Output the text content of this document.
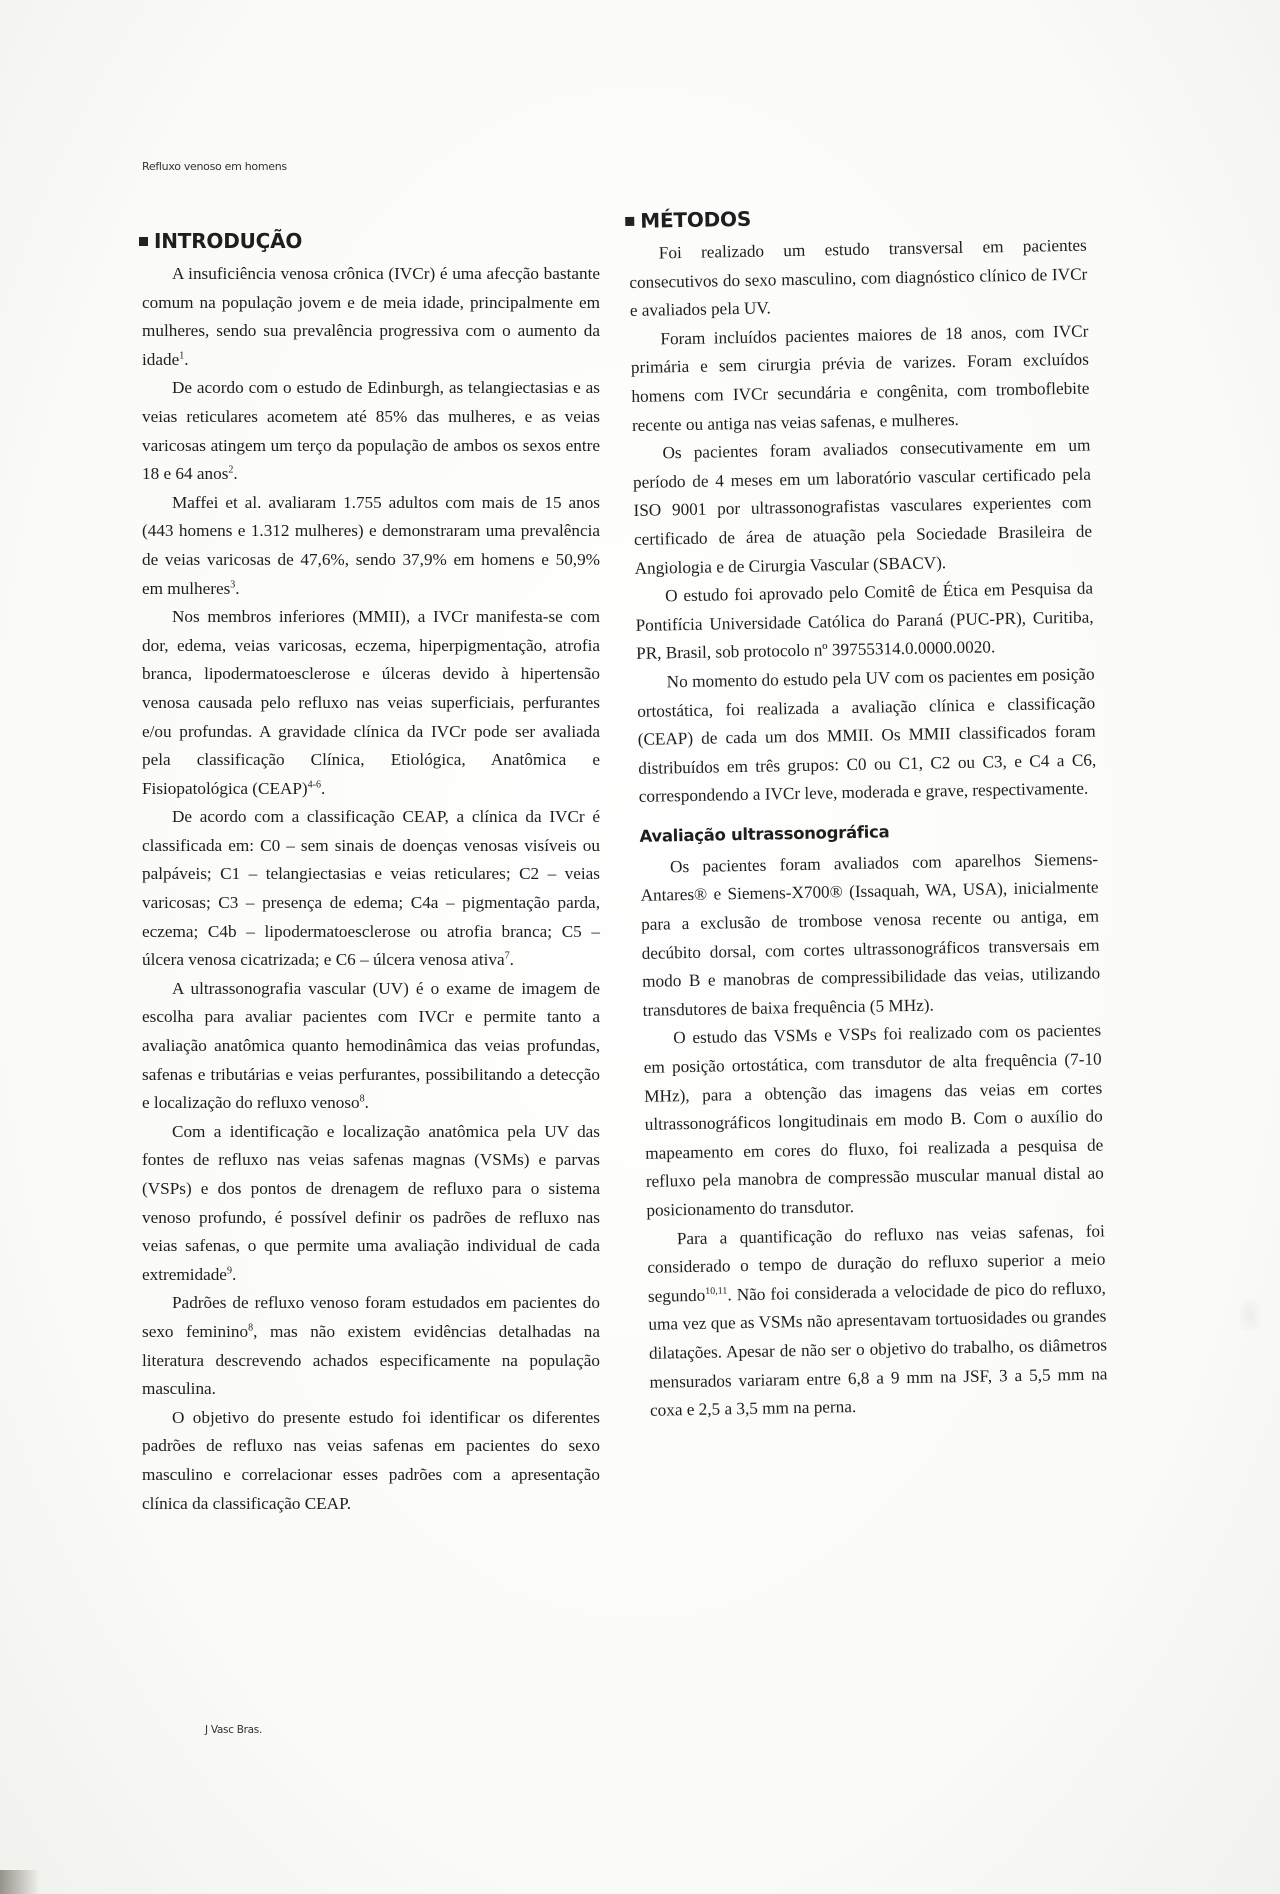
Refluxo venoso em homens
INTRODUÇÃO

A insuficiência venosa crônica (IVCr) é uma afecção bastante comum na população jovem e de meia idade, principalmente em mulheres, sendo sua prevalência progressiva com o aumento da idade$^1$.

De acordo com o estudo de Edinburgh, as telangiectasias e as veias reticulares acometem até 85% das mulheres, e as veias varicosas atingem um terço da população de ambos os sexos entre 18 e 64 anos$^2$.

Maffei et al. avaliaram 1.755 adultos com mais de 15 anos (443 homens e 1.312 mulheres) e demonstraram uma prevalência de veias varicosas de 47,6%, sendo 37,9% em homens e 50,9% em mulheres$^3$.

Nos membros inferiores (MMII), a IVCr manifesta-se com dor, edema, veias varicosas, eczema, hiperpigmentação, atrofia branca, lipodermatoesclerose e úlceras devido à hipertensão venosa causada pelo refluxo nas veias superficiais, perfurantes e/ou profundas. A gravidade clínica da IVCr pode ser avaliada pela classificação Clínica, Etiológica, Anatômica e Fisiopatológica (CEAP)$^{4-6}$.

De acordo com a classificação CEAP, a clínica da IVCr é classificada em: C0 – sem sinais de doenças venosas visíveis ou palpáveis; C1 – telangiectasias e veias reticulares; C2 – veias varicosas; C3 – presença de edema; C4a – pigmentação parda, eczema; C4b – lipodermatoesclerose ou atrofia branca; C5 – úlcera venosa cicatrizada; e C6 – úlcera venosa ativa$^7$.

A ultrassonografia vascular (UV) é o exame de imagem de escolha para avaliar pacientes com IVCr e permite tanto a avaliação anatômica quanto hemodinâmica das veias profundas, safenas e tributárias e veias perfurantes, possibilitando a detecção e localização do refluxo venoso$^8$.

Com a identificação e localização anatômica pela UV das fontes de refluxo nas veias safenas magnas (VSMs) e parvas (VSPs) e dos pontos de drenagem de refluxo para o sistema venoso profundo, é possível definir os padrões de refluxo nas veias safenas, o que permite uma avaliação individual de cada extremidade$^9$.

Padrões de refluxo venoso foram estudados em pacientes do sexo feminino$^8$, mas não existem evidências detalhadas na literatura descrevendo achados especificamente na população masculina.

O objetivo do presente estudo foi identificar os diferentes padrões de refluxo nas veias safenas em pacientes do sexo masculino e correlacionar esses padrões com a apresentação clínica da classificação CEAP.

MÉTODOS

Foi realizado um estudo transversal em pacientes consecutivos do sexo masculino, com diagnóstico clínico de IVCr e avaliados pela UV.

Foram incluídos pacientes maiores de 18 anos, com IVCr primária e sem cirurgia prévia de varizes. Foram excluídos homens com IVCr secundária e congênita, com tromboflebite recente ou antiga nas veias safenas, e mulheres.

Os pacientes foram avaliados consecutivamente em um período de 4 meses em um laboratório vascular certificado pela ISO 9001 por ultrassonografistas vasculares experientes com certificado de área de atuação pela Sociedade Brasileira de Angiologia e de Cirurgia Vascular (SBACV).

O estudo foi aprovado pelo Comitê de Ética em Pesquisa da Pontifícia Universidade Católica do Paraná (PUC-PR), Curitiba, PR, Brasil, sob protocolo nº 39755314.0.0000.0020.

No momento do estudo pela UV com os pacientes em posição ortostática, foi realizada a avaliação clínica e classificação (CEAP) de cada um dos MMII. Os MMII classificados foram distribuídos em três grupos: C0 ou C1, C2 ou C3, e C4 a C6, correspondendo a IVCr leve, moderada e grave, respectivamente.

Avaliação ultrassonográfica

Os pacientes foram avaliados com aparelhos Siemens-Antares® e Siemens-X700® (Issaquah, WA, USA), inicialmente para a exclusão de trombose venosa recente ou antiga, em decúbito dorsal, com cortes ultrassonográficos transversais em modo B e manobras de compressibilidade das veias, utilizando transdutores de baixa frequência (5 MHz).

O estudo das VSMs e VSPs foi realizado com os pacientes em posição ortostática, com transdutor de alta frequência (7-10 MHz), para a obtenção das imagens das veias em cortes ultrassonográficos longitudinais em modo B. Com o auxílio do mapeamento em cores do fluxo, foi realizada a pesquisa de refluxo pela manobra de compressão muscular manual distal ao posicionamento do transdutor.

Para a quantificação do refluxo nas veias safenas, foi considerado o tempo de duração do refluxo superior a meio segundo$^{10,11}$. Não foi considerada a velocidade de pico do refluxo, uma vez que as VSMs não apresentavam tortuosidades ou grandes dilatações. Apesar de não ser o objetivo do trabalho, os diâmetros mensurados variaram entre 6,8 a 9 mm na JSF, 3 a 5,5 mm na coxa e 2,5 a 3,5 mm na perna.

J Vasc Bras.
